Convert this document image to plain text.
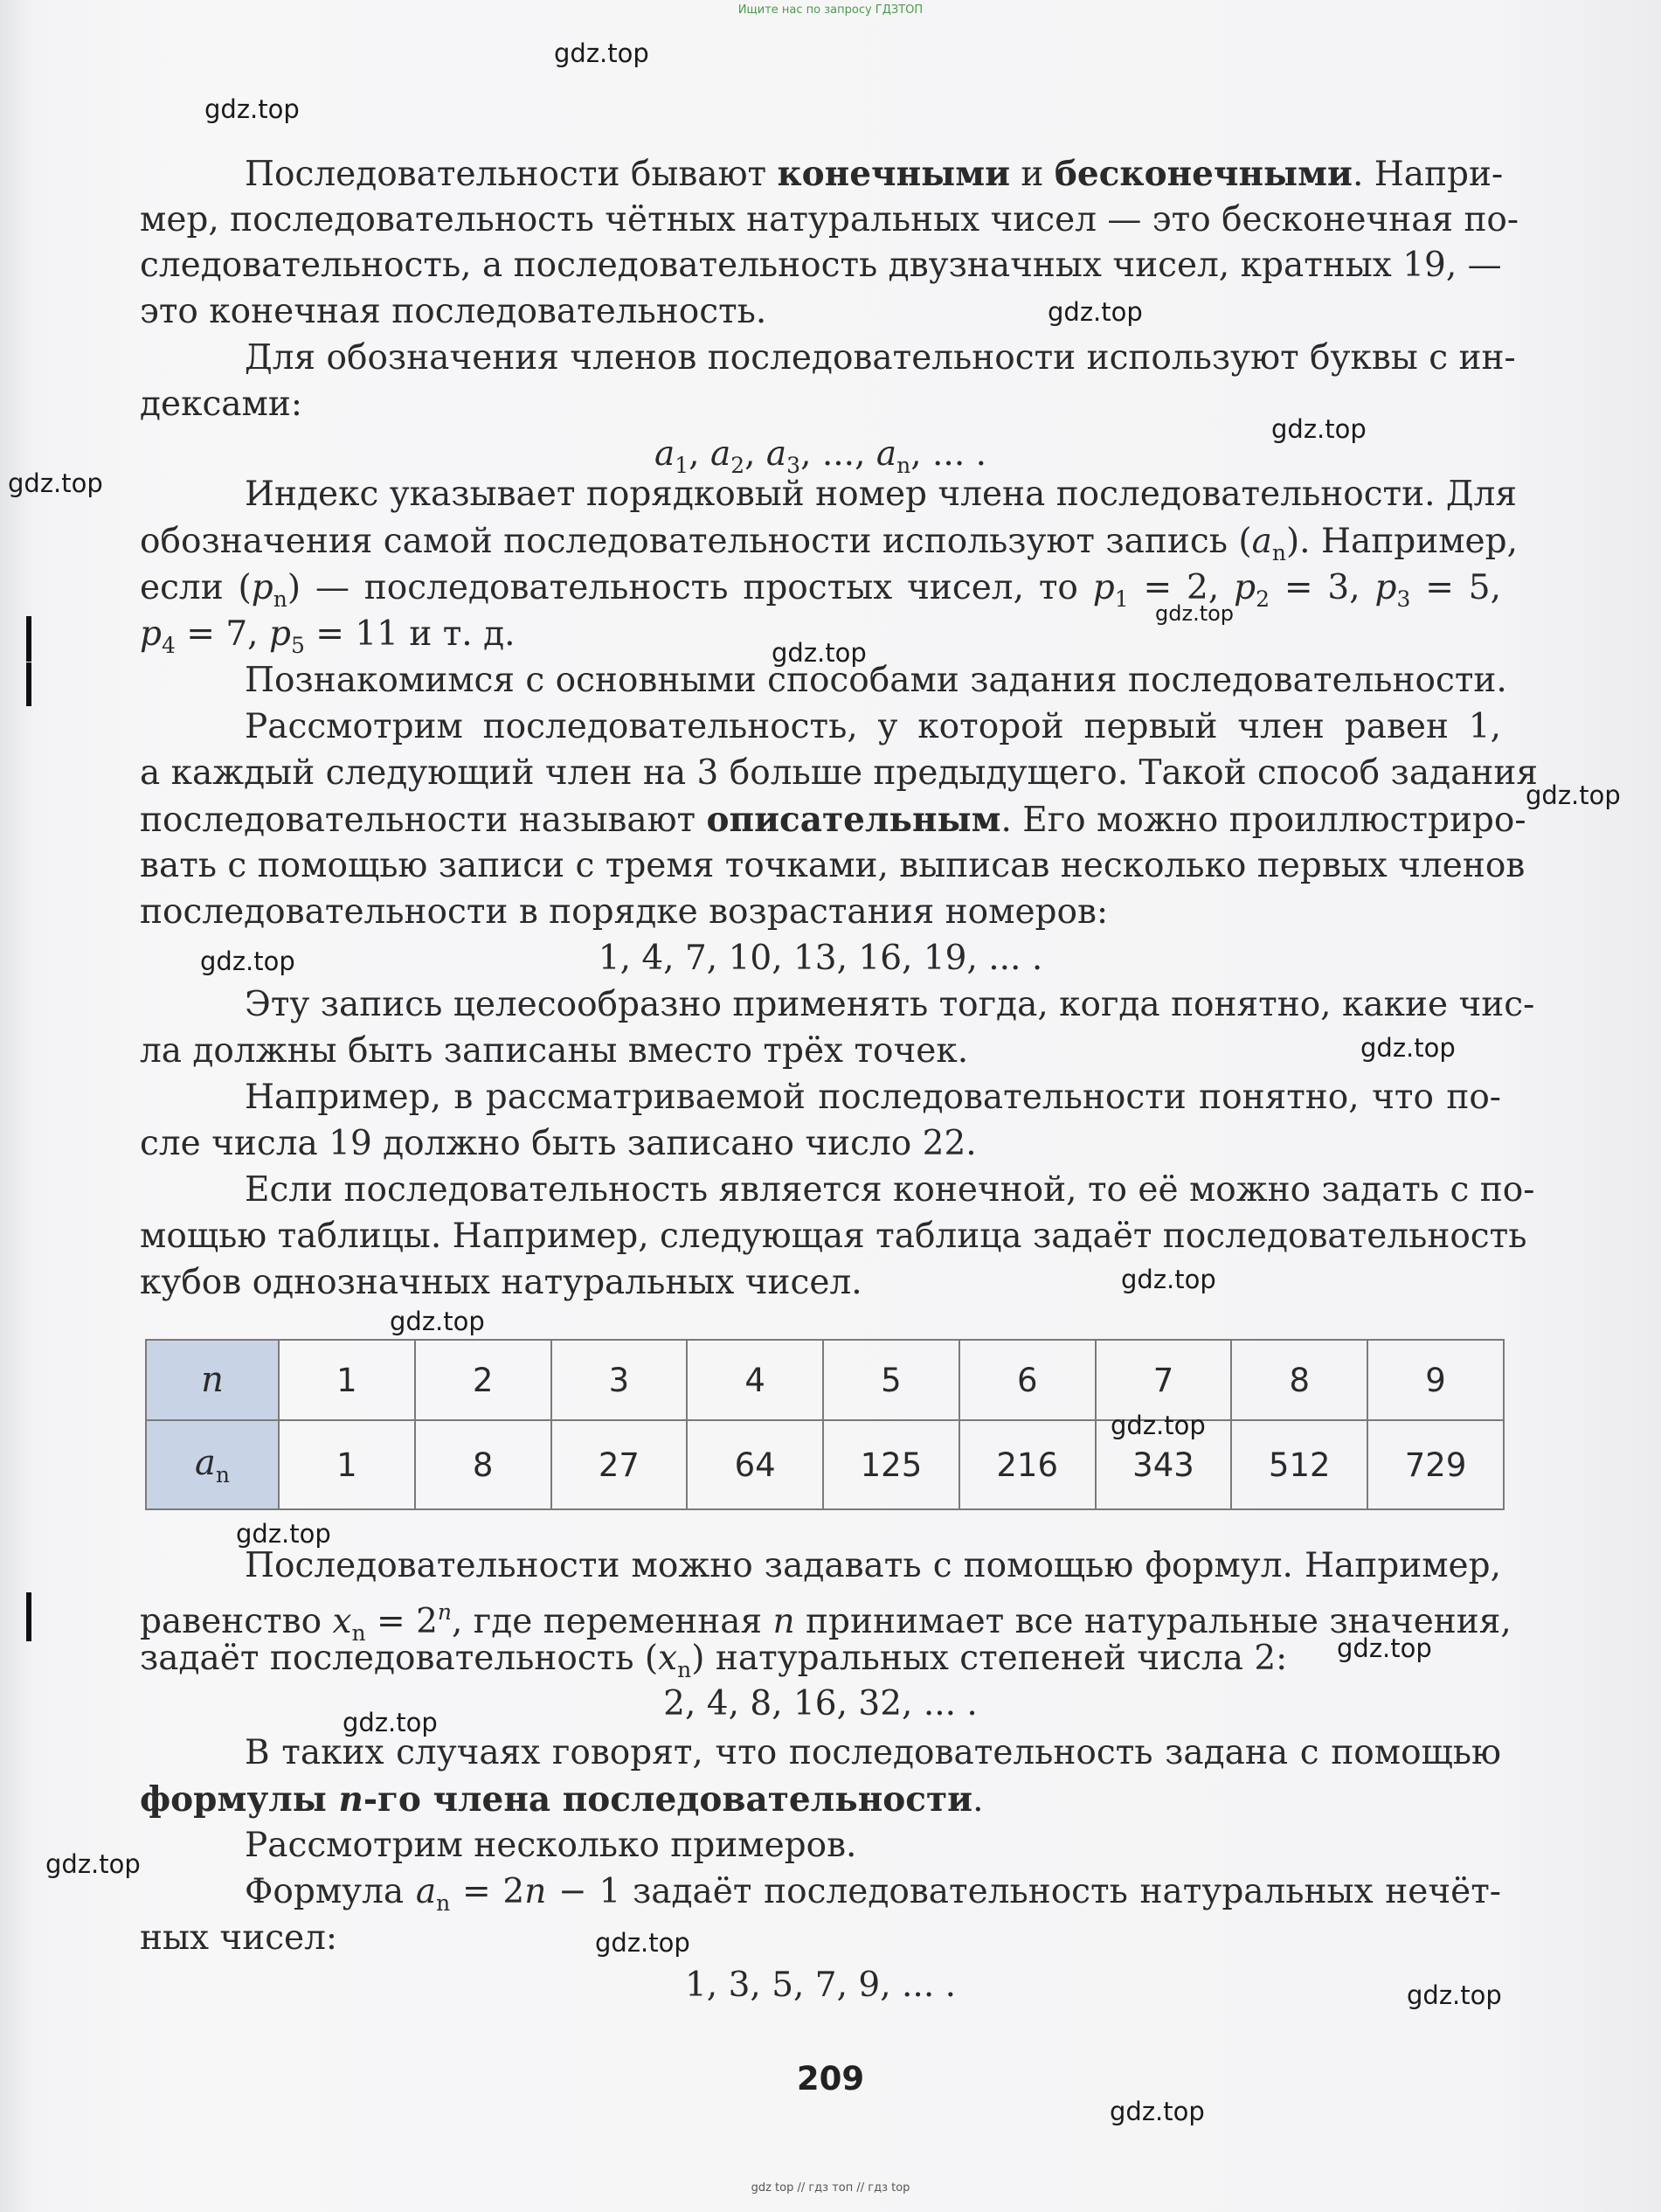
Ищите нас по запросу ГДЗТОП
Последовательности бывают конечными и бесконечными. Напри-
мер, последовательность чётных натуральных чисел — это бесконечная по-
следовательность, а последовательность двузначных чисел, кратных 19, —
это конечная последовательность.
Для обозначения членов последовательности используют буквы с ин-
дексами:
$a_1$, $a_2$, $a_3$, ..., $a_n$, ... .
Индекс указывает порядковый номер члена последовательности. Для
обозначения самой последовательности используют запись $(a_n)$. Например,
если $(p_n)$ — последовательность простых чисел, то $p_1 = 2$, $p_2 = 3$, $p_3 = 5$,
$p_4 = 7$, $p_5 = 11$ и т. д.
Познакомимся с основными способами задания последовательности.
Рассмотрим последовательность, у которой первый член равен 1,
а каждый следующий член на 3 больше предыдущего. Такой способ задания
последовательности называют описательным. Его можно проиллюстриро-
вать с помощью записи с тремя точками, выписав несколько первых членов
последовательности в порядке возрастания номеров:
1, 4, 7, 10, 13, 16, 19, ... .
Эту запись целесообразно применять тогда, когда понятно, какие чис-
ла должны быть записаны вместо трёх точек.
Например, в рассматриваемой последовательности понятно, что по-
сле числа 19 должно быть записано число 22.
Если последовательность является конечной, то её можно задать с по-
мощью таблицы. Например, следующая таблица задаёт последовательность
кубов однозначных натуральных чисел.
n	1	2	3	4	5	6	7	8	9
$a_n$	1	8	27	64	125	216	343	512	729
Последовательности можно задавать с помощью формул. Например,
равенство $x_n = 2^n$, где переменная n принимает все натуральные значения,
задаёт последовательность $(x_n)$ натуральных степеней числа 2:
2, 4, 8, 16, 32, ... .
В таких случаях говорят, что последовательность задана с помощью
формулы n-го члена последовательности.
Рассмотрим несколько примеров.
Формула $a_n = 2n - 1$ задаёт последовательность натуральных нечёт-
ных чисел:
1, 3, 5, 7, 9, ... .
209
gdz.top
gdz.top
gdz.top
gdz.top
gdz.top
gdz.top
gdz.top
gdz.top
gdz.top
gdz.top
gdz.top
gdz.top
gdz.top
gdz.top
gdz.top
gdz.top
gdz.top
gdz.top
gdz.top
gdz.top
gdz top // гдз топ // гдз top
